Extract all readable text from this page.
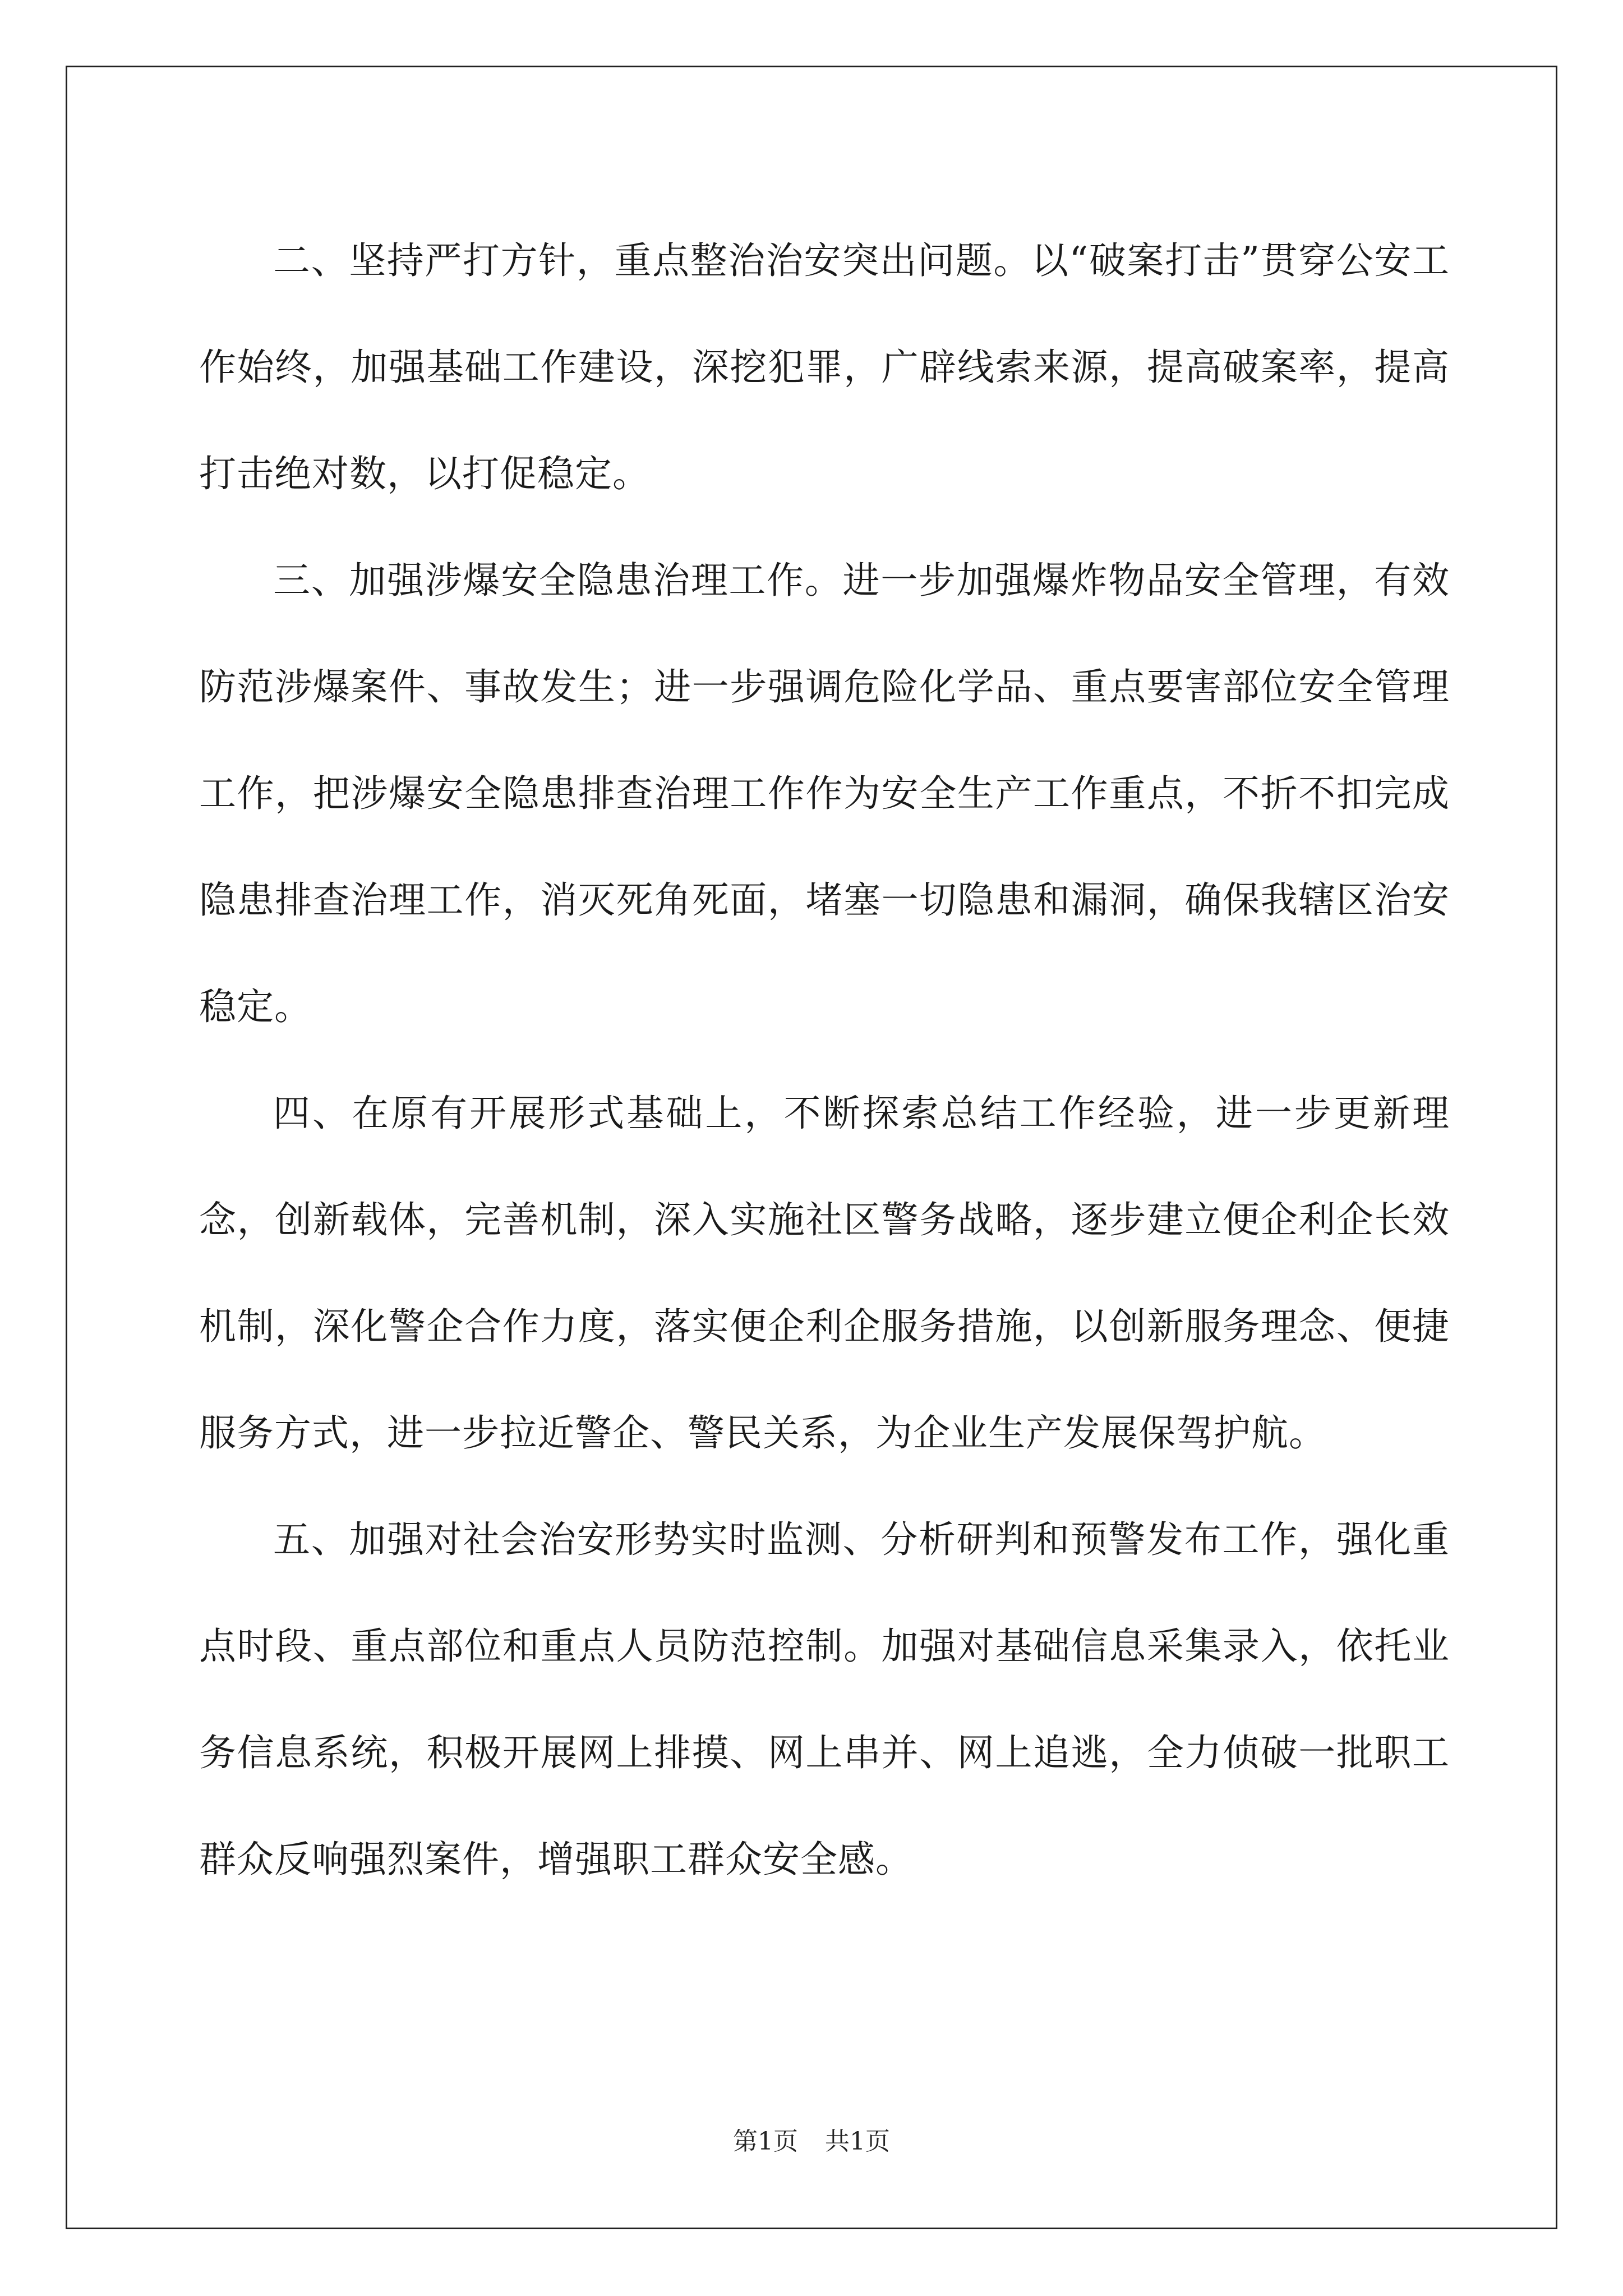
二、坚持严打方针，重点整治治安突出问题。以“破案打击”贯穿公安工作始终，加强基础工作建设，深挖犯罪，广辟线索来源，提高破案率，提高打击绝对数，以打促稳定。

三、加强涉爆安全隐患治理工作。进一步加强爆炸物品安全管理，有效防范涉爆案件、事故发生；进一步强调危险化学品、重点要害部位安全管理工作，把涉爆安全隐患排查治理工作作为安全生产工作重点，不折不扣完成隐患排查治理工作，消灭死角死面，堵塞一切隐患和漏洞，确保我辖区治安稳定。

四、在原有开展形式基础上，不断探索总结工作经验，进一步更新理念，创新载体，完善机制，深入实施社区警务战略，逐步建立便企利企长效机制，深化警企合作力度，落实便企利企服务措施，以创新服务理念、便捷服务方式，进一步拉近警企、警民关系，为企业生产发展保驾护航。

五、加强对社会治安形势实时监测、分析研判和预警发布工作，强化重点时段、重点部位和重点人员防范控制。加强对基础信息采集录入，依托业务信息系统，积极开展网上排摸、网上串并、网上追逃，全力侦破一批职工群众反响强烈案件，增强职工群众安全感。

第1页 共1页
